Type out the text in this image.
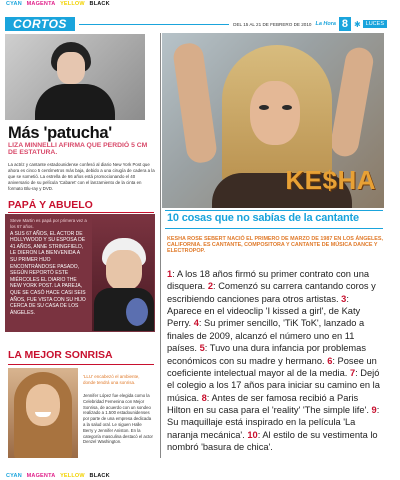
CYAN MAGENTA YELLOW BLACK
CYAN MAGENTA YELLOW BLACK
CORTOS	DEL 15 AL 21 DE FEBRERO DE 2010 La Hora 8 ✱ LUCES
Más 'patucha'
LIZA MINNELLI AFIRMA QUE PERDIÓ 5 CM DE ESTATURA.
La actriz y cantante estadounidense confesó al diario New York Post que ahora es cinco 5 centímetros más baja, debido a una cirugía de cadera a la que se sometió. La estrella de 66 años está promocionando el 40 aniversario de su película 'Cabaret' con el lanzamiento de la cinta en formato Blu-ray y DVD.
PAPÁ Y ABUELO
Steve Martin es papá por primera vez a los 67 años.
A SUS 67 AÑOS, EL ACTOR DE HOLLYWOOD Y SU ESPOSA DE 41 AÑOS, ANNE STRINGFIELD, LE DIERON LA BIENVENIDA A SU PRIMER HIJO ENCONTRÁNDOSE PASADO, SEGÚN REPORTÓ ESTE MIÉRCOLES EL DIARIO THE NEW YORK POST. LA PAREJA, QUE SE CASÓ HACE CASI SEIS AÑOS, FUE VISTA CON SU HIJO CERCA DE SU CASA DE LOS ÁNGELES.
LA MEJOR SONRISA
'LLU' encabezó el ambiente, donde tendrá una sonrisa.
Jennifer López fue elegida como la Celebridad Femenina con Mejor Sonrisa, de acuerdo con un sondeo realizado a 1.500 estadounidenses por parte de una empresa dedicada a la salud oral. Le siguen Halle Berry y Jennifer Aniston. En la categoría masculina destacó el actor Denzel Washington.
KE$HA
10 cosas que no sabías de la cantante
KESHA ROSE SEBERT NACIÓ EL PRIMERO DE MARZO DE 1987 EN LOS ÁNGELES, CALIFORNIA. ES CANTANTE, COMPOSITORA Y CANTANTE DE MÚSICA DANCE Y ELECTROPOP.
1: A los 18 años firmó su primer contrato con una disquera. 2: Comenzó su carrera cantando coros y escribiendo canciones para otros artistas. 3: Aparece en el videoclip 'I kissed a girl', de Katy Perry. 4: Su primer sencillo, 'TiK ToK', lanzado a finales de 2009, alcanzó el número uno en 11 países. 5: Tuvo una dura infancia por problemas económicos con su madre y hermano. 6: Posee un coeficiente intelectual mayor al de la media. 7: Dejó el colegio a los 17 años para iniciar su camino en la música. 8: Antes de ser famosa recibió a Paris Hilton en su casa para el 'reality' 'The simple life'. 9: Su maquillaje está inspirado en la película 'La naranja mecánica'. 10: Al estilo de su vestimenta lo nombró 'basura de chica'.
